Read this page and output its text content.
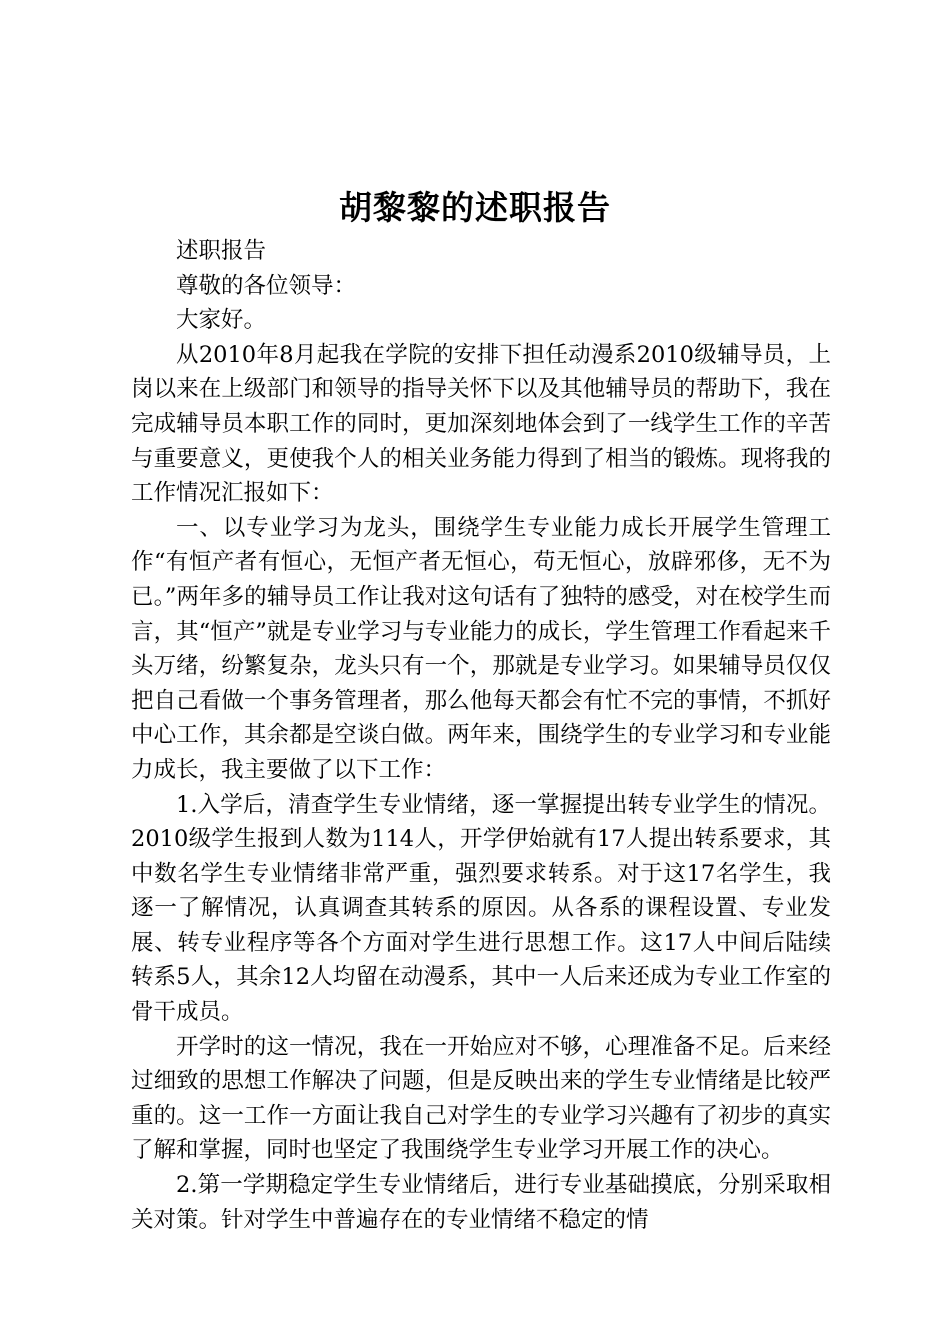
胡黎黎的述职报告

述职报告

尊敬的各位领导：

大家好。

从2010年8月起我在学院的安排下担任动漫系2010级辅导员，上岗以来在上级部门和领导的指导关怀下以及其他辅导员的帮助下，我在完成辅导员本职工作的同时，更加深刻地体会到了一线学生工作的辛苦与重要意义，更使我个人的相关业务能力得到了相当的锻炼。现将我的工作情况汇报如下：

一、以专业学习为龙头，围绕学生专业能力成长开展学生管理工作“有恒产者有恒心，无恒产者无恒心，苟无恒心，放辟邪侈，无不为已。”两年多的辅导员工作让我对这句话有了独特的感受，对在校学生而言，其“恒产”就是专业学习与专业能力的成长，学生管理工作看起来千头万绪，纷繁复杂，龙头只有一个，那就是专业学习。如果辅导员仅仅把自己看做一个事务管理者，那么他每天都会有忙不完的事情，不抓好中心工作，其余都是空谈白做。两年来，围绕学生的专业学习和专业能力成长，我主要做了以下工作：

1.入学后，清查学生专业情绪，逐一掌握提出转专业学生的情况。2010级学生报到人数为114人，开学伊始就有17人提出转系要求，其中数名学生专业情绪非常严重，强烈要求转系。对于这17名学生，我逐一了解情况，认真调查其转系的原因。从各系的课程设置、专业发展、转专业程序等各个方面对学生进行思想工作。这17人中间后陆续转系5人，其余12人均留在动漫系，其中一人后来还成为专业工作室的骨干成员。

开学时的这一情况，我在一开始应对不够，心理准备不足。后来经过细致的思想工作解决了问题，但是反映出来的学生专业情绪是比较严重的。这一工作一方面让我自己对学生的专业学习兴趣有了初步的真实了解和掌握，同时也坚定了我围绕学生专业学习开展工作的决心。

2.第一学期稳定学生专业情绪后，进行专业基础摸底，分别采取相关对策。针对学生中普遍存在的专业情绪不稳定的情
